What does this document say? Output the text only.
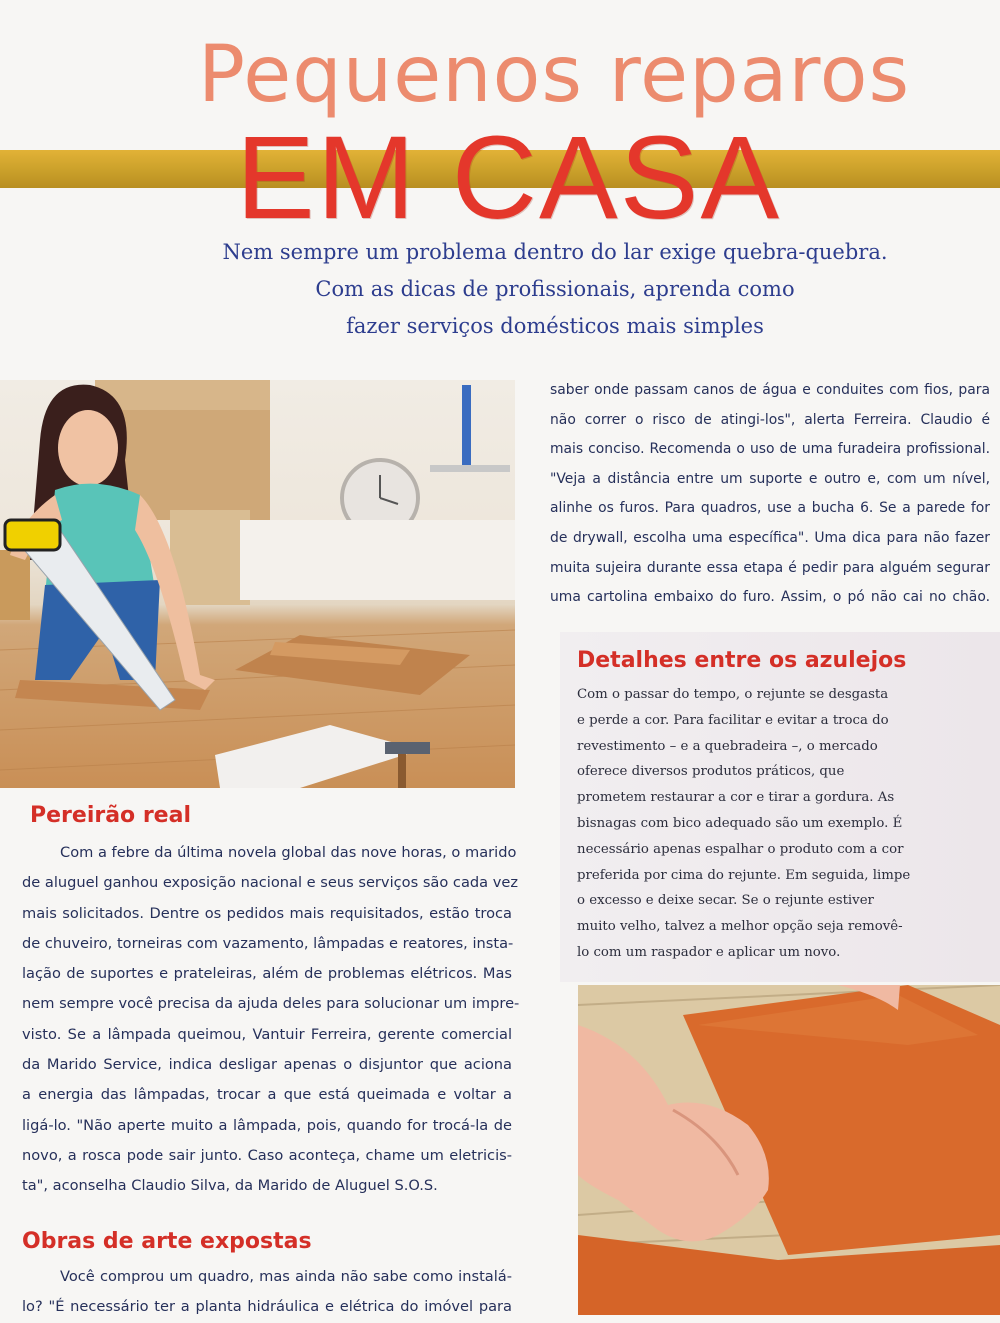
Pequenos reparos
EM CASA
Nem sempre um problema dentro do lar exige quebra-quebra.
Com as dicas de profissionais, aprenda como
fazer serviços domésticos mais simples
saber onde passam canos de água e conduites com fios, para
não correr o risco de atingi-los", alerta Ferreira. Claudio é
mais conciso. Recomenda o uso de uma furadeira profissional.
"Veja a distância entre um suporte e outro e, com um nível,
alinhe os furos. Para quadros, use a bucha 6. Se a parede for
de drywall, escolha uma específica". Uma dica para não fazer
muita sujeira durante essa etapa é pedir para alguém segurar
uma cartolina embaixo do furo. Assim, o pó não cai no chão.
Detalhes entre os azulejos
Com o passar do tempo, o rejunte se desgasta
e perde a cor. Para facilitar e evitar a troca do
revestimento – e a quebradeira –, o mercado
oferece diversos produtos práticos, que
prometem restaurar a cor e tirar a gordura. As
bisnagas com bico adequado são um exemplo. É
necessário apenas espalhar o produto com a cor
preferida por cima do rejunte. Em seguida, limpe
o excesso e deixe secar. Se o rejunte estiver
muito velho, talvez a melhor opção seja removê-
lo com um raspador e aplicar um novo.
Pereirão real
Com a febre da última novela global das nove horas, o marido
de aluguel ganhou exposição nacional e seus serviços são cada vez
mais solicitados. Dentre os pedidos mais requisitados, estão troca
de chuveiro, torneiras com vazamento, lâmpadas e reatores, insta-
lação de suportes e prateleiras, além de problemas elétricos. Mas
nem sempre você precisa da ajuda deles para solucionar um impre-
visto. Se a lâmpada queimou, Vantuir Ferreira, gerente comercial
da Marido Service, indica desligar apenas o disjuntor que aciona
a energia das lâmpadas, trocar a que está queimada e voltar a
ligá-lo. "Não aperte muito a lâmpada, pois, quando for trocá-la de
novo, a rosca pode sair junto. Caso aconteça, chame um eletricis-
ta", aconselha Claudio Silva, da Marido de Aluguel S.O.S.
Obras de arte expostas
Você comprou um quadro, mas ainda não sabe como instalá-
lo? "É necessário ter a planta hidráulica e elétrica do imóvel para
